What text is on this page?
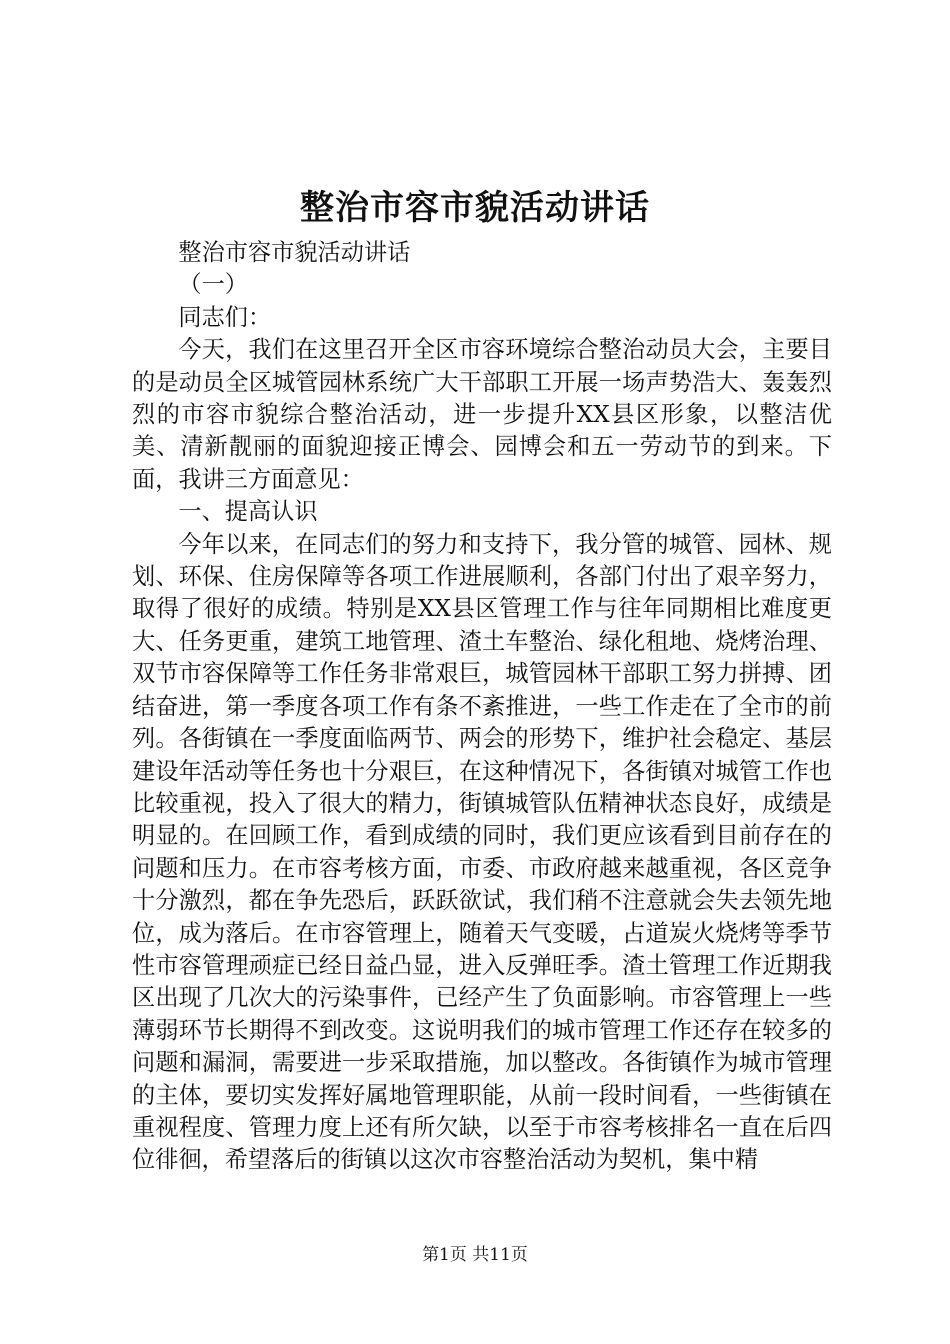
整治市容市貌活动讲话

整治市容市貌活动讲话

（一）

同志们：

今天，我们在这里召开全区市容环境综合整治动员大会，主要目的是动员全区城管园林系统广大干部职工开展一场声势浩大、轰轰烈烈的市容市貌综合整治活动，进一步提升XX县区形象，以整洁优美、清新靓丽的面貌迎接正博会、园博会和五一劳动节的到来。下面，我讲三方面意见：

一、提高认识

今年以来，在同志们的努力和支持下，我分管的城管、园林、规划、环保、住房保障等各项工作进展顺利，各部门付出了艰辛努力，取得了很好的成绩。特别是XX县区管理工作与往年同期相比难度更大、任务更重，建筑工地管理、渣土车整治、绿化租地、烧烤治理、双节市容保障等工作任务非常艰巨，城管园林干部职工努力拼搏、团结奋进，第一季度各项工作有条不紊推进，一些工作走在了全市的前列。各街镇在一季度面临两节、两会的形势下，维护社会稳定、基层建设年活动等任务也十分艰巨，在这种情况下，各街镇对城管工作也比较重视，投入了很大的精力，街镇城管队伍精神状态良好，成绩是明显的。在回顾工作，看到成绩的同时，我们更应该看到目前存在的问题和压力。在市容考核方面，市委、市政府越来越重视，各区竞争十分激烈，都在争先恐后，跃跃欲试，我们稍不注意就会失去领先地位，成为落后。在市容管理上，随着天气变暖，占道炭火烧烤等季节性市容管理顽症已经日益凸显，进入反弹旺季。渣土管理工作近期我区出现了几次大的污染事件，已经产生了负面影响。市容管理上一些薄弱环节长期得不到改变。这说明我们的城市管理工作还存在较多的问题和漏洞，需要进一步采取措施，加以整改。各街镇作为城市管理的主体，要切实发挥好属地管理职能，从前一段时间看，一些街镇在重视程度、管理力度上还有所欠缺，以至于市容考核排名一直在后四位徘徊，希望落后的街镇以这次市容整治活动为契机，集中精

第1页 共11页
